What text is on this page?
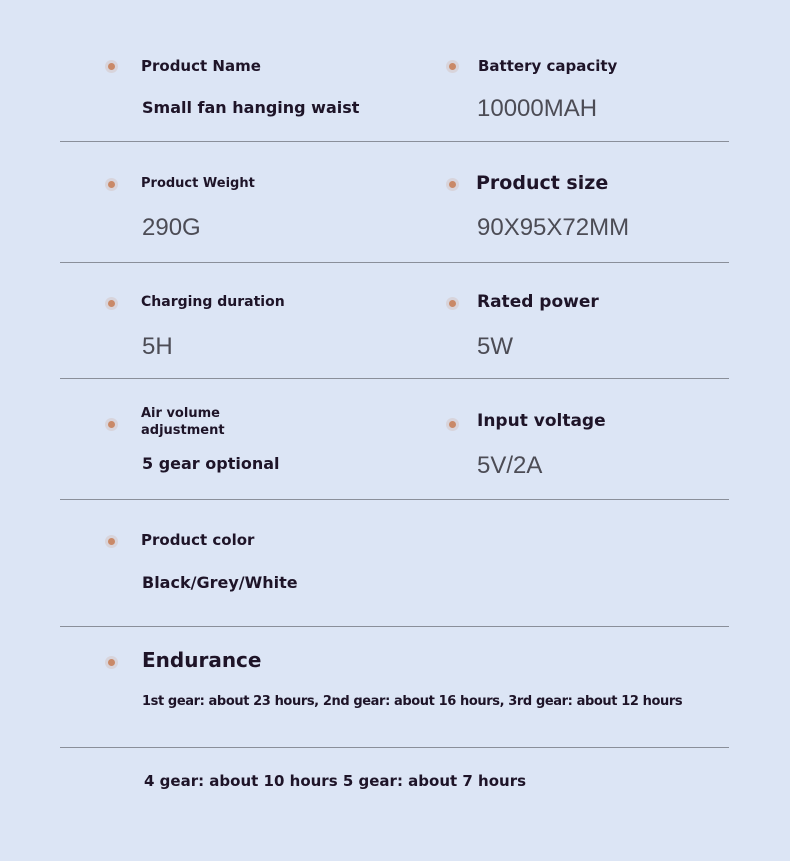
Product Name
Small fan hanging waist
Battery capacity
10000MAH
Product Weight
290G
Product size
90X95X72MM
Charging duration
5H
Rated power
5W
Air volume
adjustment
5 gear optional
Input voltage
5V/2A
Product color
Black/Grey/White
Endurance
1st gear: about 23 hours, 2nd gear: about 16 hours, 3rd gear: about 12 hours
4 gear: about 10 hours 5 gear: about 7 hours
